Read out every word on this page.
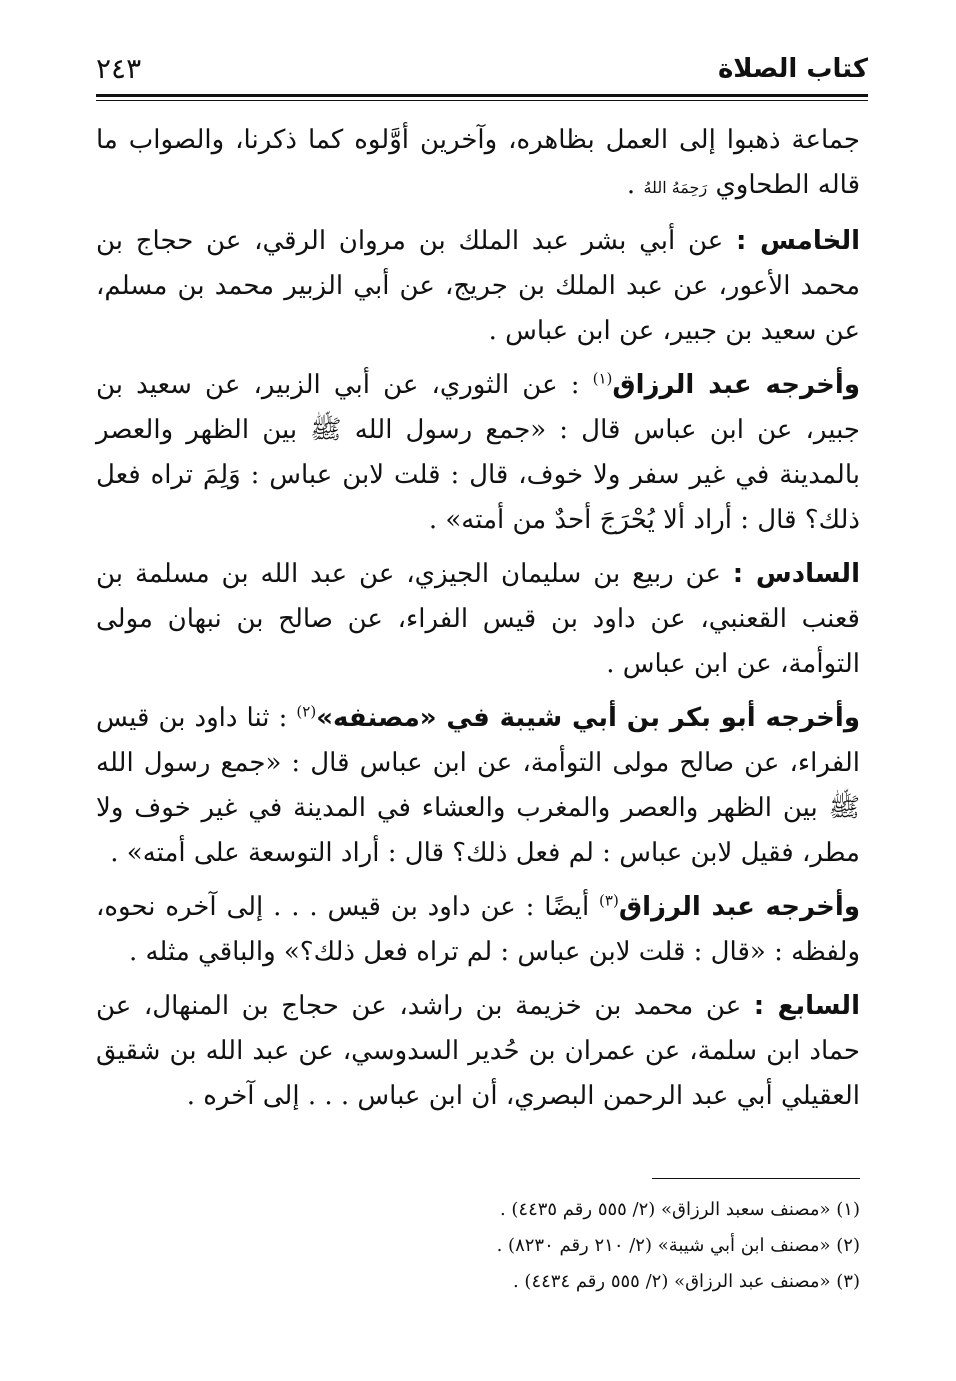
كتاب الصلاة
٢٤٣

جماعة ذهبوا إلى العمل بظاهره، وآخرين أوَّلوه كما ذكرنا، والصواب ما قاله الطحاوي رَحِمَهُ اللهُ .

الخامس : عن أبي بشر عبد الملك بن مروان الرقي، عن حجاج بن محمد الأعور، عن عبد الملك بن جريج، عن أبي الزبير محمد بن مسلم، عن سعيد بن جبير، عن ابن عباس .

وأخرجه عبد الرزاق$^{(١)}$ : عن الثوري، عن أبي الزبير، عن سعيد بن جبير، عن ابن عباس قال : «جمع رسول الله ﷺ بين الظهر والعصر بالمدينة في غير سفر ولا خوف، قال : قلت لابن عباس : وَلِمَ تراه فعل ذلك؟ قال : أراد ألا يُحْرَجَ أحدٌ من أمته» .

السادس : عن ربيع بن سليمان الجيزي، عن عبد الله بن مسلمة بن قعنب القعنبي، عن داود بن قيس الفراء، عن صالح بن نبهان مولى التوأمة، عن ابن عباس .

وأخرجه أبو بكر بن أبي شيبة في «مصنفه»$^{(٢)}$ : ثنا داود بن قيس الفراء، عن صالح مولى التوأمة، عن ابن عباس قال : «جمع رسول الله ﷺ بين الظهر والعصر والمغرب والعشاء في المدينة في غير خوف ولا مطر، فقيل لابن عباس : لم فعل ذلك؟ قال : أراد التوسعة على أمته» .

وأخرجه عبد الرزاق$^{(٣)}$ أيضًا : عن داود بن قيس . . . إلى آخره نحوه، ولفظه : «قال : قلت لابن عباس : لم تراه فعل ذلك؟» والباقي مثله .

السابع : عن محمد بن خزيمة بن راشد، عن حجاج بن المنهال، عن حماد ابن سلمة، عن عمران بن حُدير السدوسي، عن عبد الله بن شقيق العقيلي أبي عبد الرحمن البصري، أن ابن عباس . . . إلى آخره .

(١) «مصنف سعبد الرزاق» (٢/ ٥٥٥ رقم ٤٤٣٥) .

(٢) «مصنف ابن أبي شيبة» (٢/ ٢١٠ رقم ٨٢٣٠) .

(٣) «مصنف عبد الرزاق» (٢/ ٥٥٥ رقم ٤٤٣٤) .
